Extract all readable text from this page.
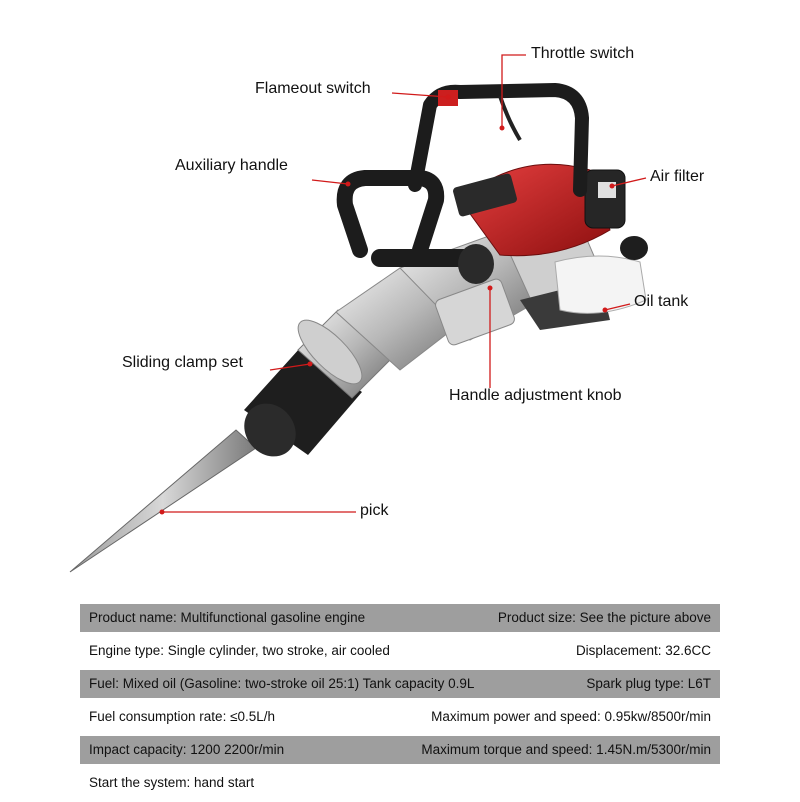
Throttle switch
Flameout switch
Auxiliary handle
Air filter
Oil tank
Sliding clamp set
Handle adjustment knob
pick
Product name: Multifunctional gasoline engine	Product size: See the picture above
Engine type: Single cylinder, two stroke, air cooled	Displacement: 32.6CC
Fuel: Mixed oil (Gasoline: two-stroke oil 25:1) Tank capacity 0.9L	Spark plug type: L6T
Fuel consumption rate: ≤0.5L/h	Maximum power and speed: 0.95kw/8500r/min
Impact capacity: 1200 2200r/min	Maximum torque and speed: 1.45N.m/5300r/min
Start the system: hand start
